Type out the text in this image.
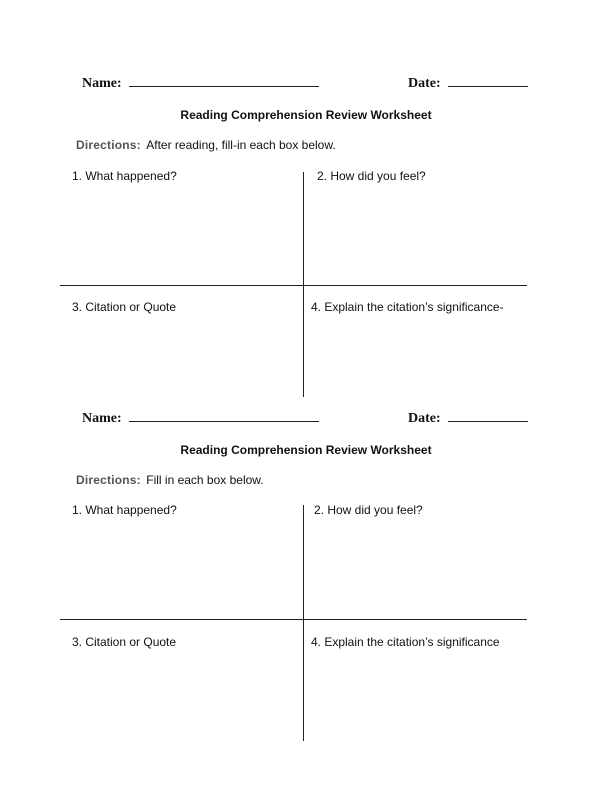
Name:	Date:
Reading Comprehension Review Worksheet
Directions: After reading, fill-in each box below.
1. What happened?	2. How did you feel?
3. Citation or Quote	4. Explain the citation’s significance-
Name:	Date:
Reading Comprehension Review Worksheet
Directions: Fill in each box below.
1. What happened?	2. How did you feel?
3. Citation or Quote	4. Explain the citation’s significance
